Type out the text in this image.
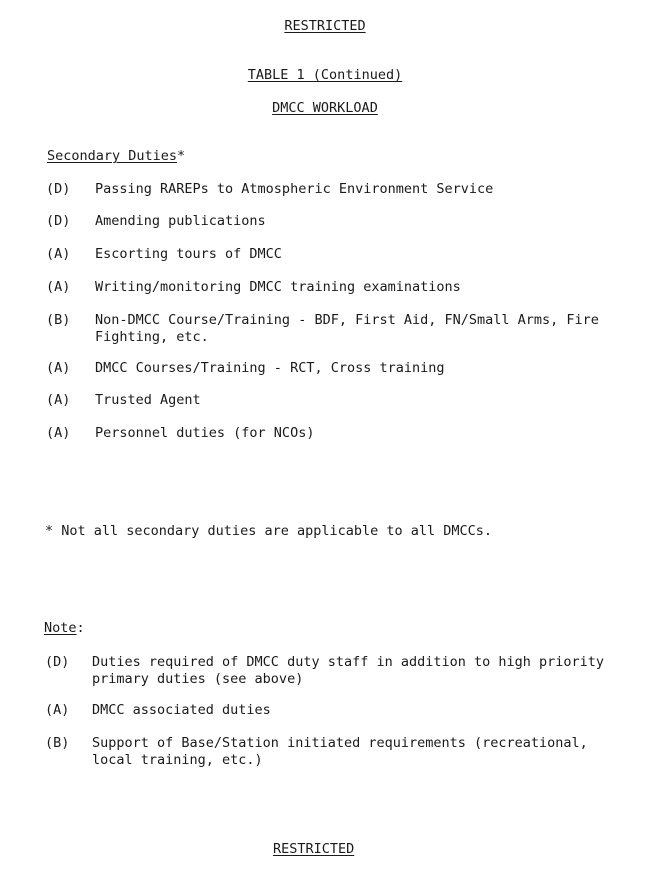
RESTRICTED
TABLE 1 (Continued)
DMCC WORKLOAD
Secondary Duties*
(D) Passing RAREPs to Atmospheric Environment Service
(D) Amending publications
(A) Escorting tours of DMCC
(A) Writing/monitoring DMCC training examinations
(B) Non-DMCC Course/Training - BDF, First Aid, FN/Small Arms, Fire Fighting, etc.
(A) DMCC Courses/Training - RCT, Cross training
(A) Trusted Agent
(A) Personnel duties (for NCOs)
* Not all secondary duties are applicable to all DMCCs.
Note:
(D) Duties required of DMCC duty staff in addition to high priority primary duties (see above)
(A) DMCC associated duties
(B) Support of Base/Station initiated requirements (recreational, local training, etc.)
RESTRICTED
